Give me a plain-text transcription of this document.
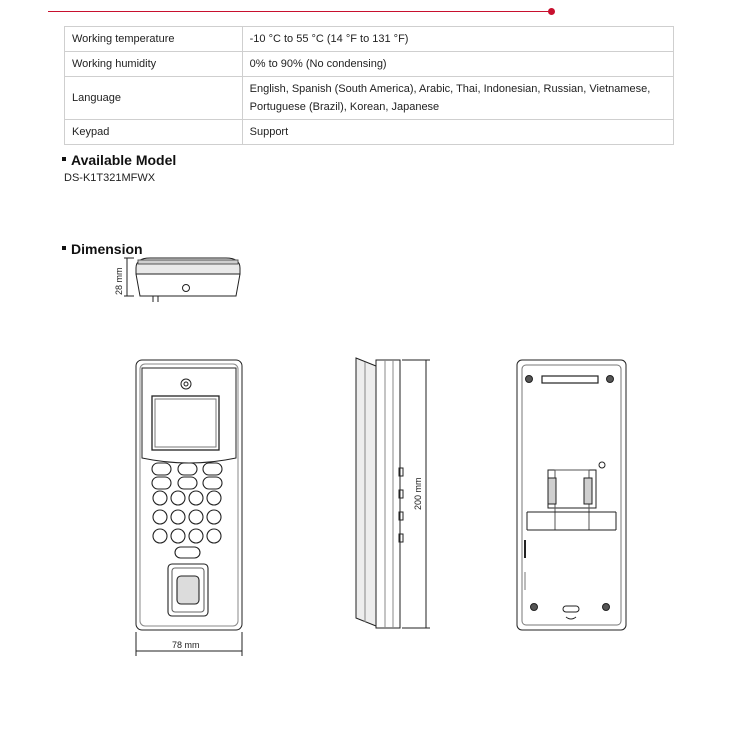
Working temperature	-10 °C to 55 °C (14 °F to 131 °F)
Working humidity	0% to 90% (No condensing)
Language	English, Spanish (South America), Arabic, Thai, Indonesian, Russian, Vietnamese, Portuguese (Brazil), Korean, Japanese
Keypad	Support
Available Model
DS-K1T321MFWX
Dimension
28 mm
78 mm
200 mm
